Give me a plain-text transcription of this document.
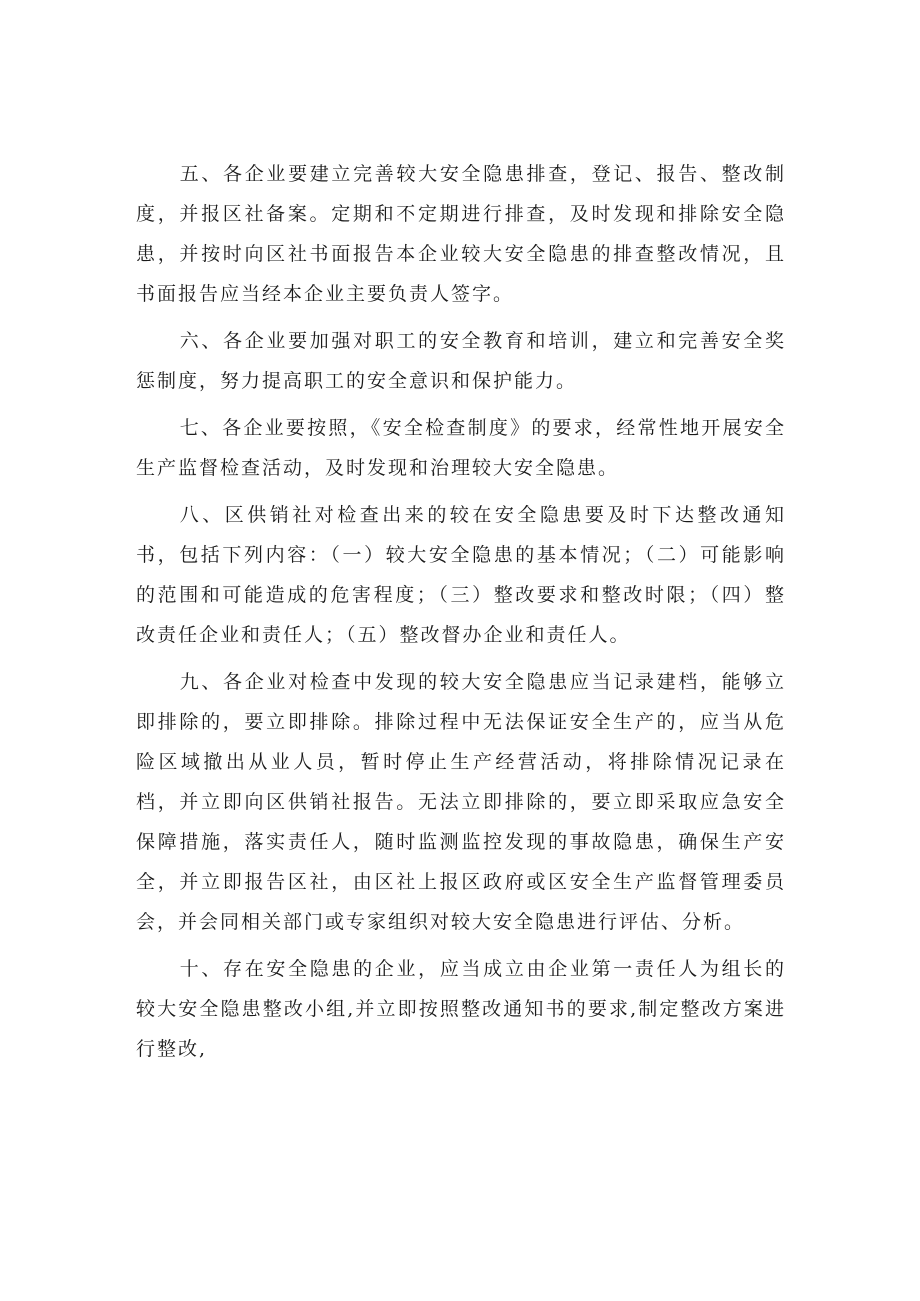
五、各企业要建立完善较大安全隐患排查，登记、报告、整改制度，并报区社备案。定期和不定期进行排查，及时发现和排除安全隐患，并按时向区社书面报告本企业较大安全隐患的排查整改情况，且书面报告应当经本企业主要负责人签字。

六、各企业要加强对职工的安全教育和培训，建立和完善安全奖惩制度，努力提高职工的安全意识和保护能力。

七、各企业要按照，《安全检查制度》的要求，经常性地开展安全生产监督检查活动，及时发现和治理较大安全隐患。

八、区供销社对检查出来的较在安全隐患要及时下达整改通知书，包括下列内容：（一）较大安全隐患的基本情况；（二）可能影响的范围和可能造成的危害程度；（三）整改要求和整改时限；（四）整改责任企业和责任人；（五）整改督办企业和责任人。

九、各企业对检查中发现的较大安全隐患应当记录建档，能够立即排除的，要立即排除。排除过程中无法保证安全生产的，应当从危险区域撤出从业人员，暂时停止生产经营活动，将排除情况记录在档，并立即向区供销社报告。无法立即排除的，要立即采取应急安全保障措施，落实责任人，随时监测监控发现的事故隐患，确保生产安全，并立即报告区社，由区社上报区政府或区安全生产监督管理委员会，并会同相关部门或专家组织对较大安全隐患进行评估、分析。

十、存在安全隐患的企业，应当成立由企业第一责任人为组长的较大安全隐患整改小组,并立即按照整改通知书的要求,制定整改方案进行整改,
